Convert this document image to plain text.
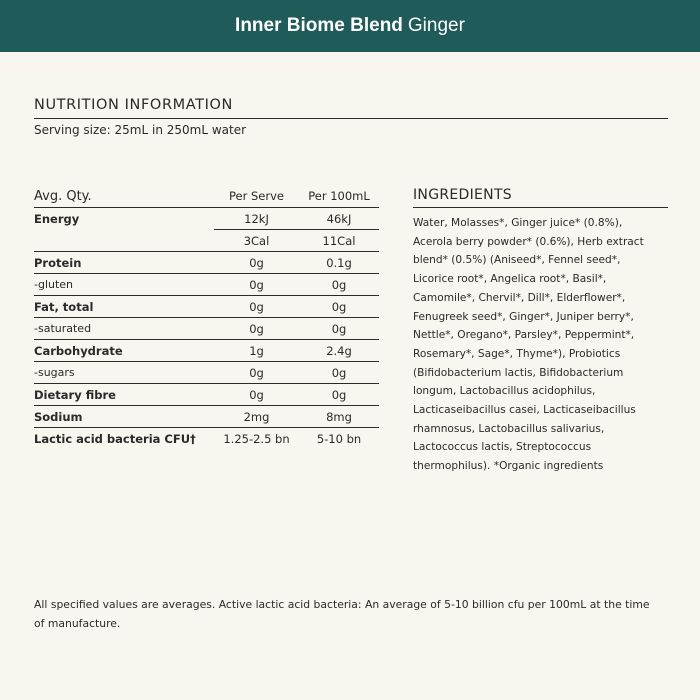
Inner Biome Blend Ginger
NUTRITION INFORMATION
Serving size: 25mL in 250mL water
Avg. Qty.	Per Serve	Per 100mL
Energy	12kJ	46kJ
	3Cal	11Cal
Protein	0g	0.1g
-gluten	0g	0g
Fat, total	0g	0g
-saturated	0g	0g
Carbohydrate	1g	2.4g
-sugars	0g	0g
Dietary fibre	0g	0g
Sodium	2mg	8mg
Lactic acid bacteria CFU†	1.25-2.5 bn	5-10 bn
INGREDIENTS
Water, Molasses*, Ginger juice* (0.8%), Acerola berry powder* (0.6%), Herb extract blend* (0.5%) (Aniseed*, Fennel seed*, Licorice root*, Angelica root*, Basil*, Camomile*, Chervil*, Dill*, Elderflower*, Fenugreek seed*, Ginger*, Juniper berry*, Nettle*, Oregano*, Parsley*, Peppermint*, Rosemary*, Sage*, Thyme*), Probiotics (Bifidobacterium lactis, Bifidobacterium longum, Lactobacillus acidophilus, Lacticaseibacillus casei, Lacticaseibacillus rhamnosus, Lactobacillus salivarius, Lactococcus lactis, Streptococcus thermophilus). *Organic ingredients
All specified values are averages. Active lactic acid bacteria: An average of 5-10 billion cfu per 100mL at the time of manufacture.
